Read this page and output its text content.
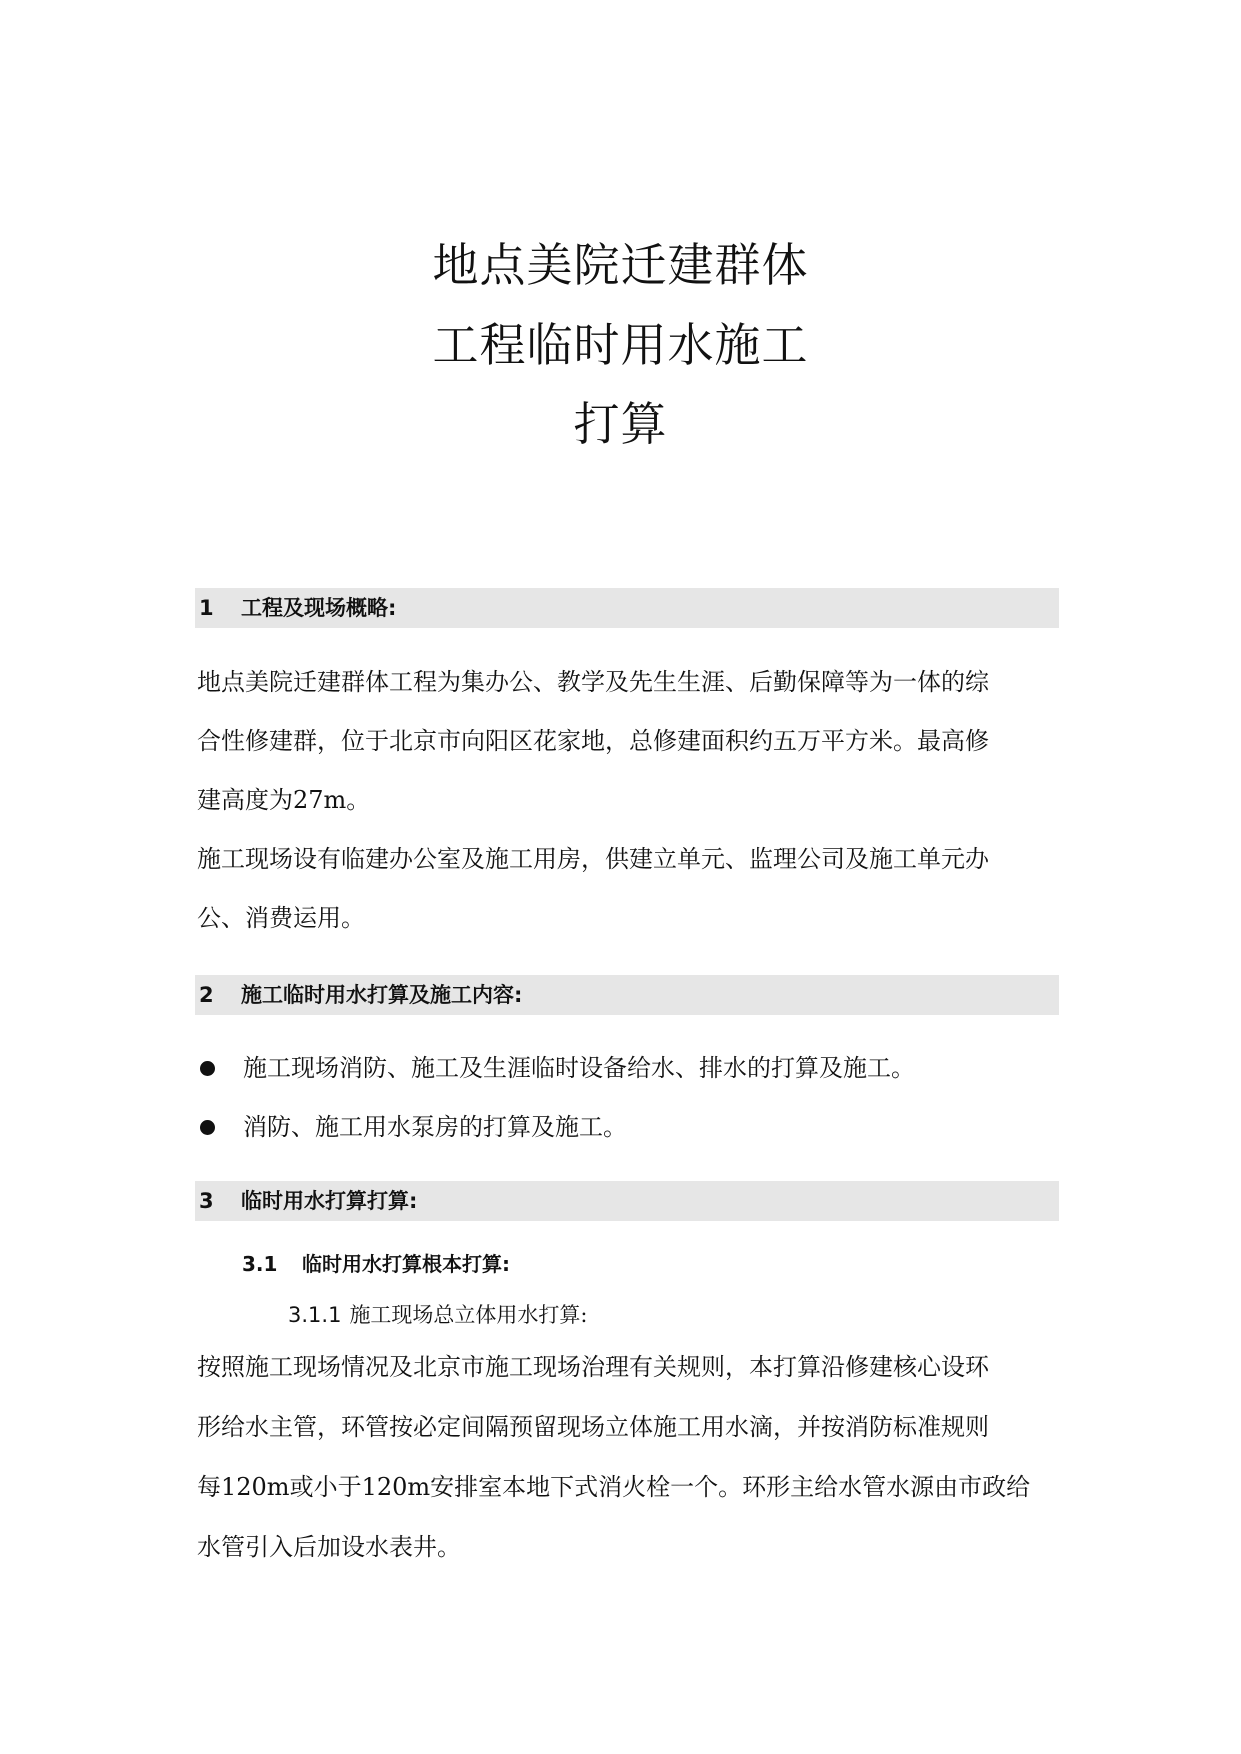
地点美院迁建群体
工程临时用水施工
打算
1 工程及现场概略:
地点美院迁建群体工程为集办公、教学及先生生涯、后勤保障等为一体的综
合性修建群，位于北京市向阳区花家地，总修建面积约五万平方米。最高修
建高度为27m。
施工现场设有临建办公室及施工用房，供建立单元、监理公司及施工单元办
公、消费运用。
2 施工临时用水打算及施工内容:
施工现场消防、施工及生涯临时设备给水、排水的打算及施工。
消防、施工用水泵房的打算及施工。
3 临时用水打算打算:
3.1 临时用水打算根本打算:
3.1.1 施工现场总立体用水打算:
按照施工现场情况及北京市施工现场治理有关规则，本打算沿修建核心设环
形给水主管，环管按必定间隔预留现场立体施工用水滴，并按消防标准规则
每120m或小于120m安排室本地下式消火栓一个。环形主给水管水源由市政给
水管引入后加设水表井。
